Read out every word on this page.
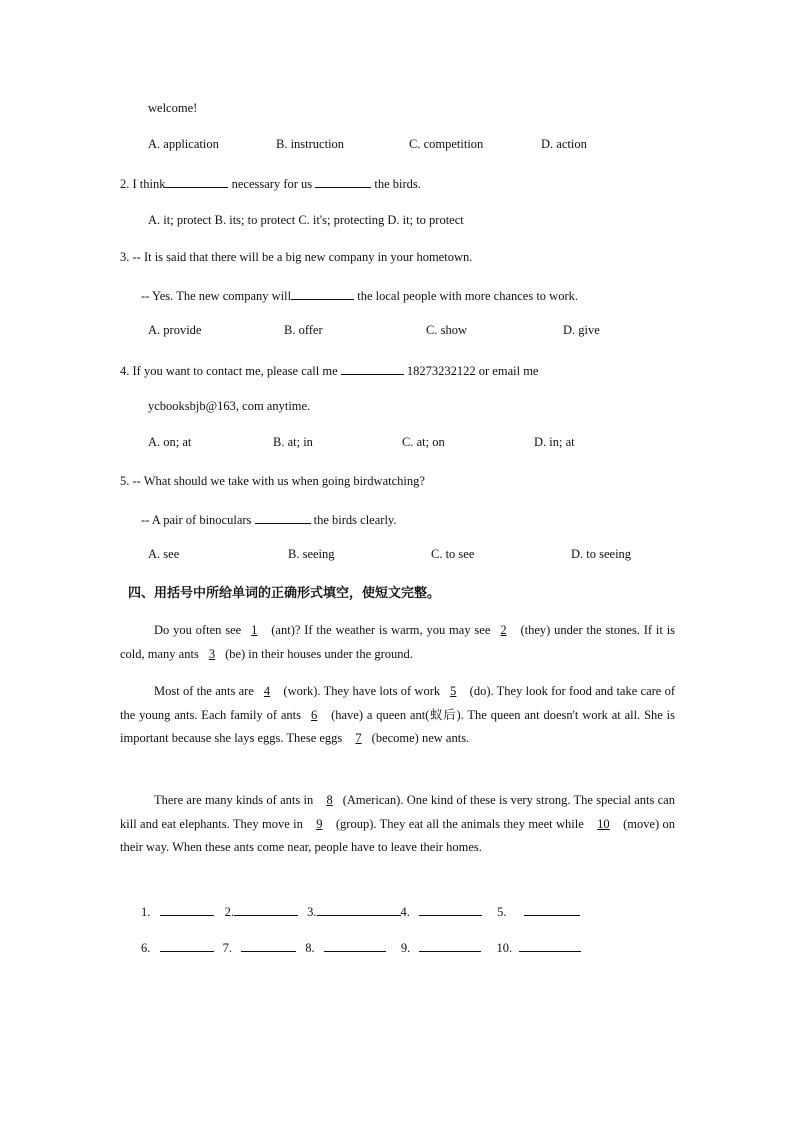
welcome!
A. application	B. instruction	C. competition	D. action
2. I think	necessary for us	the birds.
A. it; protect B. its; to protect C. it's; protecting D. it; to protect
3. -- It is said that there will be a big new company in your hometown.
-- Yes. The new company will	the local people with more chances to work.
A. provide	B. offer	C. show	D. give
4. If you want to contact me, please call me	18273232122 or email me
ycbooksbjb@163, com anytime.
A. on; at	B. at; in	C. at; on	D. in; at
5. -- What should we take with us when going birdwatching?
-- A pair of binoculars	the birds clearly.
A. see	B. seeing	C. to see	D. to seeing
四、用括号中所给单词的正确形式填空，使短文完整。
Do you often see 1 (ant)? If the weather is warm, you may see 2 (they) under the stones. If it is cold, many ants 3 (be) in their houses under the ground.
Most of the ants are 4 (work). They have lots of work 5 (do). They look for food and take care of the young ants. Each family of ants 6 (have) a queen ant(蚁后). The queen ant doesn't work at all. She is important because she lays eggs. These eggs 7 (become) new ants.
There are many kinds of ants in 8 (American). One kind of these is very strong. The special ants can kill and eat elephants. They move in 9 (group). They eat all the animals they meet while 10 (move) on their way. When these ants come near, people have to leave their homes.
1.	2.	3.	4.	5.
6.	7.	8.	9.	10.
